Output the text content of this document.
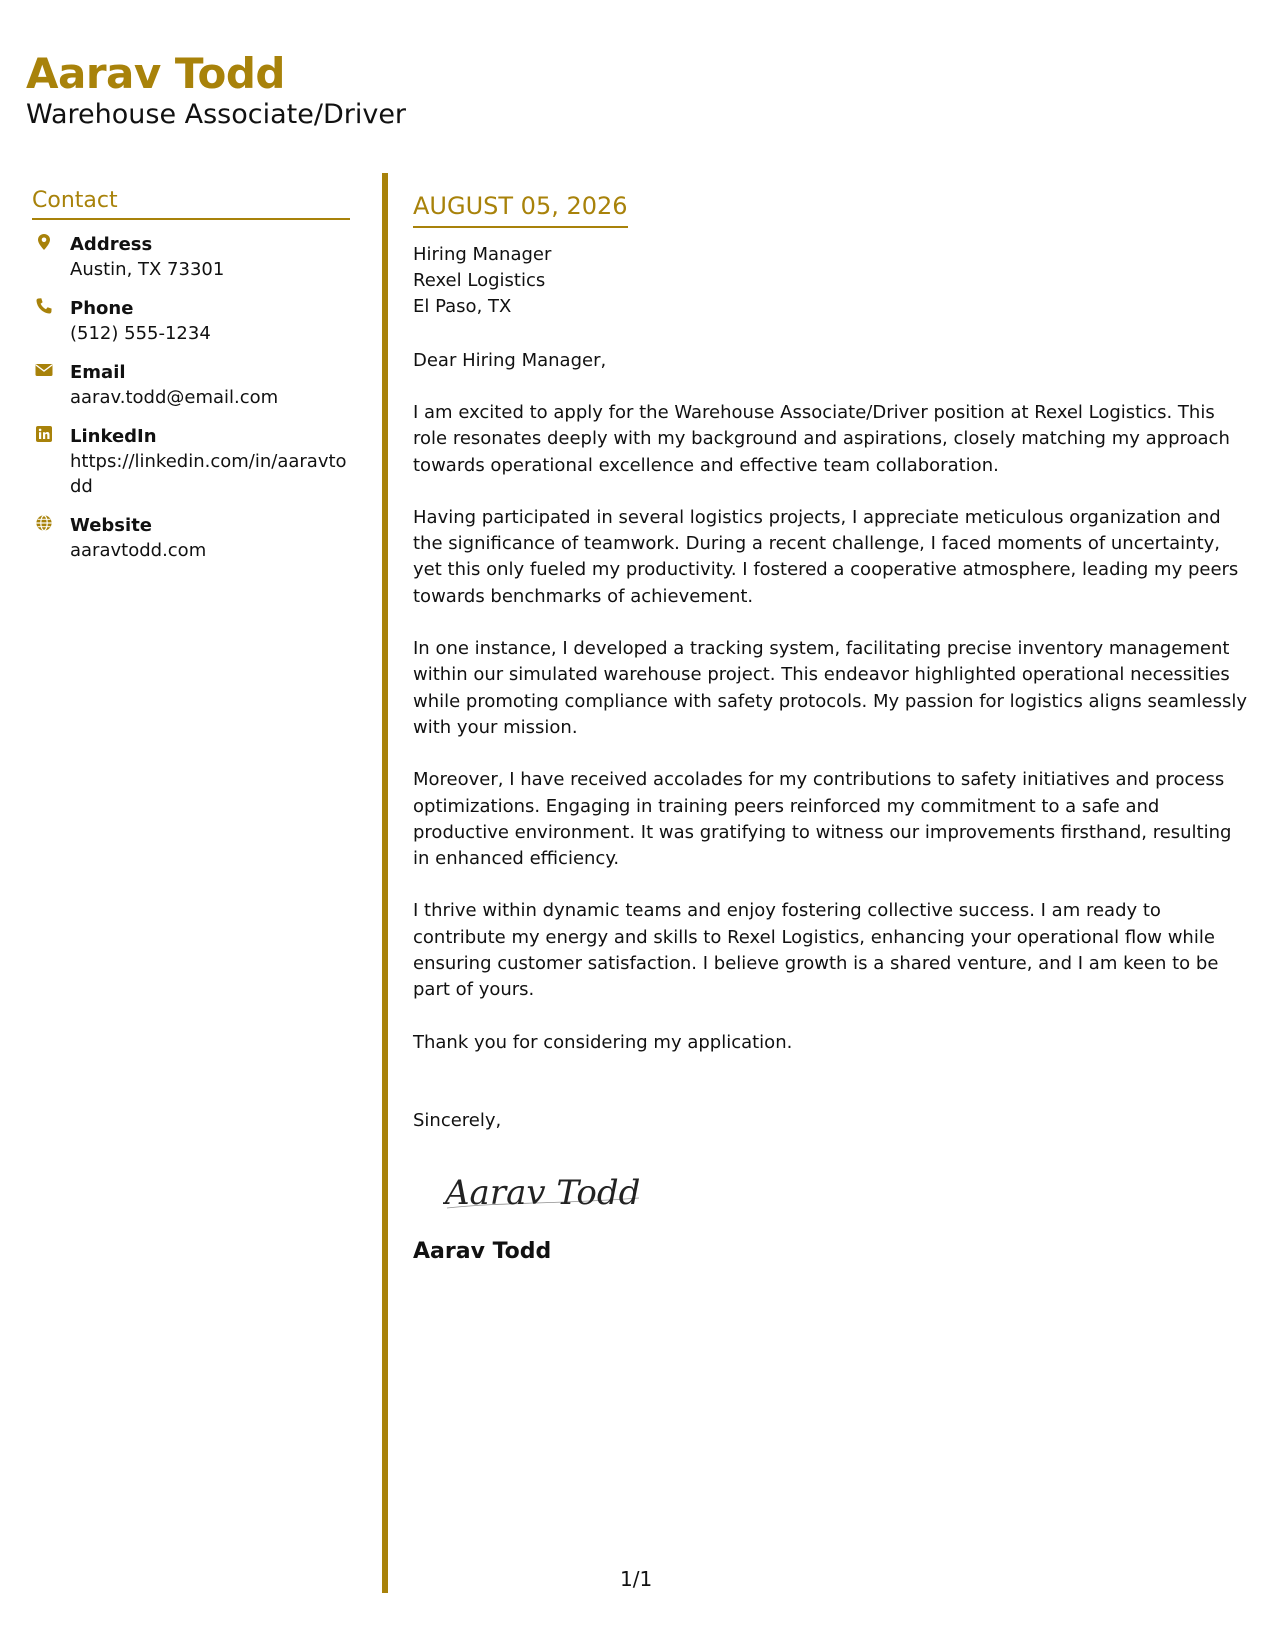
Aarav Todd
Warehouse Associate/Driver
Contact
Address
Austin, TX 73301
Phone
(512) 555-1234
Email
aarav.todd@email.com
LinkedIn
https://linkedin.com/in/aaravtodd
Website
aaravtodd.com
AUGUST 05, 2026
Hiring Manager
Rexel Logistics
El Paso, TX
Dear Hiring Manager,
I am excited to apply for the Warehouse Associate/Driver position at Rexel Logistics. This role resonates deeply with my background and aspirations, closely matching my approach towards operational excellence and effective team collaboration.
Having participated in several logistics projects, I appreciate meticulous organization and the significance of teamwork. During a recent challenge, I faced moments of uncertainty, yet this only fueled my productivity. I fostered a cooperative atmosphere, leading my peers towards benchmarks of achievement.
In one instance, I developed a tracking system, facilitating precise inventory management within our simulated warehouse project. This endeavor highlighted operational necessities while promoting compliance with safety protocols. My passion for logistics aligns seamlessly with your mission.
Moreover, I have received accolades for my contributions to safety initiatives and process optimizations. Engaging in training peers reinforced my commitment to a safe and productive environment. It was gratifying to witness our improvements firsthand, resulting in enhanced efficiency.
I thrive within dynamic teams and enjoy fostering collective success. I am ready to contribute my energy and skills to Rexel Logistics, enhancing your operational flow while ensuring customer satisfaction. I believe growth is a shared venture, and I am keen to be part of yours.
Thank you for considering my application.
Sincerely,
Aarav Todd
Aarav Todd
1/1
